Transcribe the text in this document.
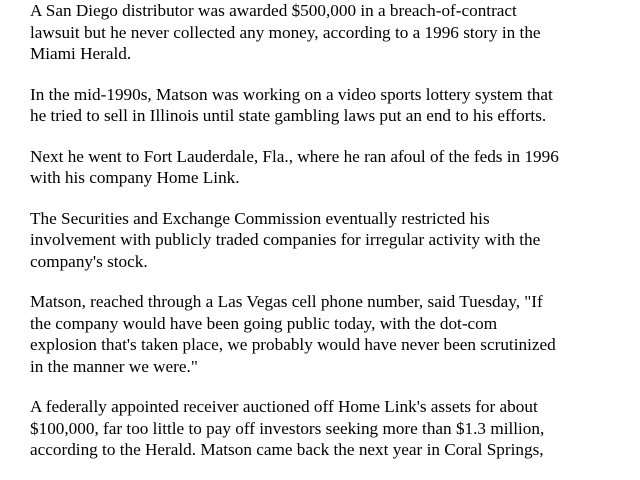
A San Diego distributor was awarded $500,000 in a breach-of-contract
lawsuit but he never collected any money, according to a 1996 story in the
Miami Herald.

In the mid-1990s, Matson was working on a video sports lottery system that
he tried to sell in Illinois until state gambling laws put an end to his efforts.

Next he went to Fort Lauderdale, Fla., where he ran afoul of the feds in 1996
with his company Home Link.

The Securities and Exchange Commission eventually restricted his
involvement with publicly traded companies for irregular activity with the
company's stock.

Matson, reached through a Las Vegas cell phone number, said Tuesday, "If
the company would have been going public today, with the dot-com
explosion that's taken place, we probably would have never been scrutinized
in the manner we were."

A federally appointed receiver auctioned off Home Link's assets for about
$100,000, far too little to pay off investors seeking more than $1.3 million,
according to the Herald. Matson came back the next year in Coral Springs,
